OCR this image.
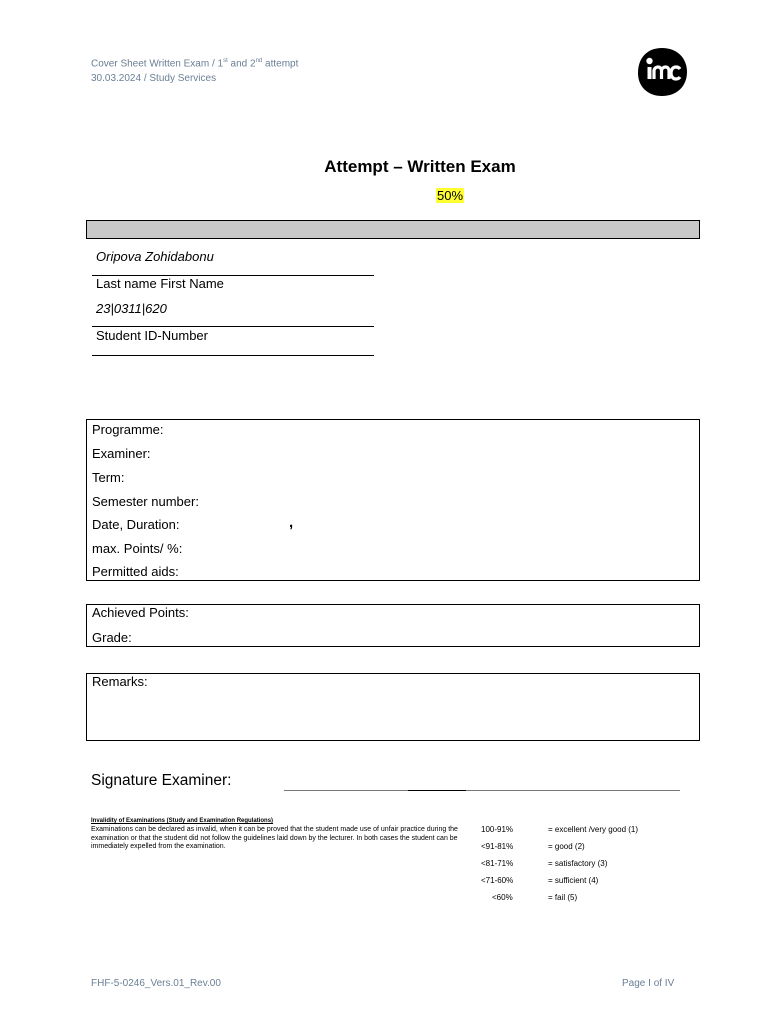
Cover Sheet Written Exam / 1st and 2nd attempt
30.03.2024 / Study Services
Attempt – Written Exam
50%
Oripova Zohidabonu
Last name First Name
23|0311|620
Student ID-Number
Programme:
Examiner:
Term:
Semester number:
Date, Duration:
max. Points/ %:
Permitted aids:
,
Achieved Points:
Grade:
Remarks:
Signature Examiner:
Invalidity of Examinations (Study and Examination Regulations)
Examinations can be declared as invalid, when it can be proved that the student made use of unfair practice during the examination or that the student did not follow the guidelines laid down by the lecturer. In both cases the student can be immediately expelled from the examination.
100-91%	= excellent /very good (1)
<91-81%	= good (2)
<81-71%	= satisfactory (3)
<71-60%	= sufficient (4)
<60%	= fail (5)
FHF-5-0246_Vers.01_Rev.00	Page I of IV
